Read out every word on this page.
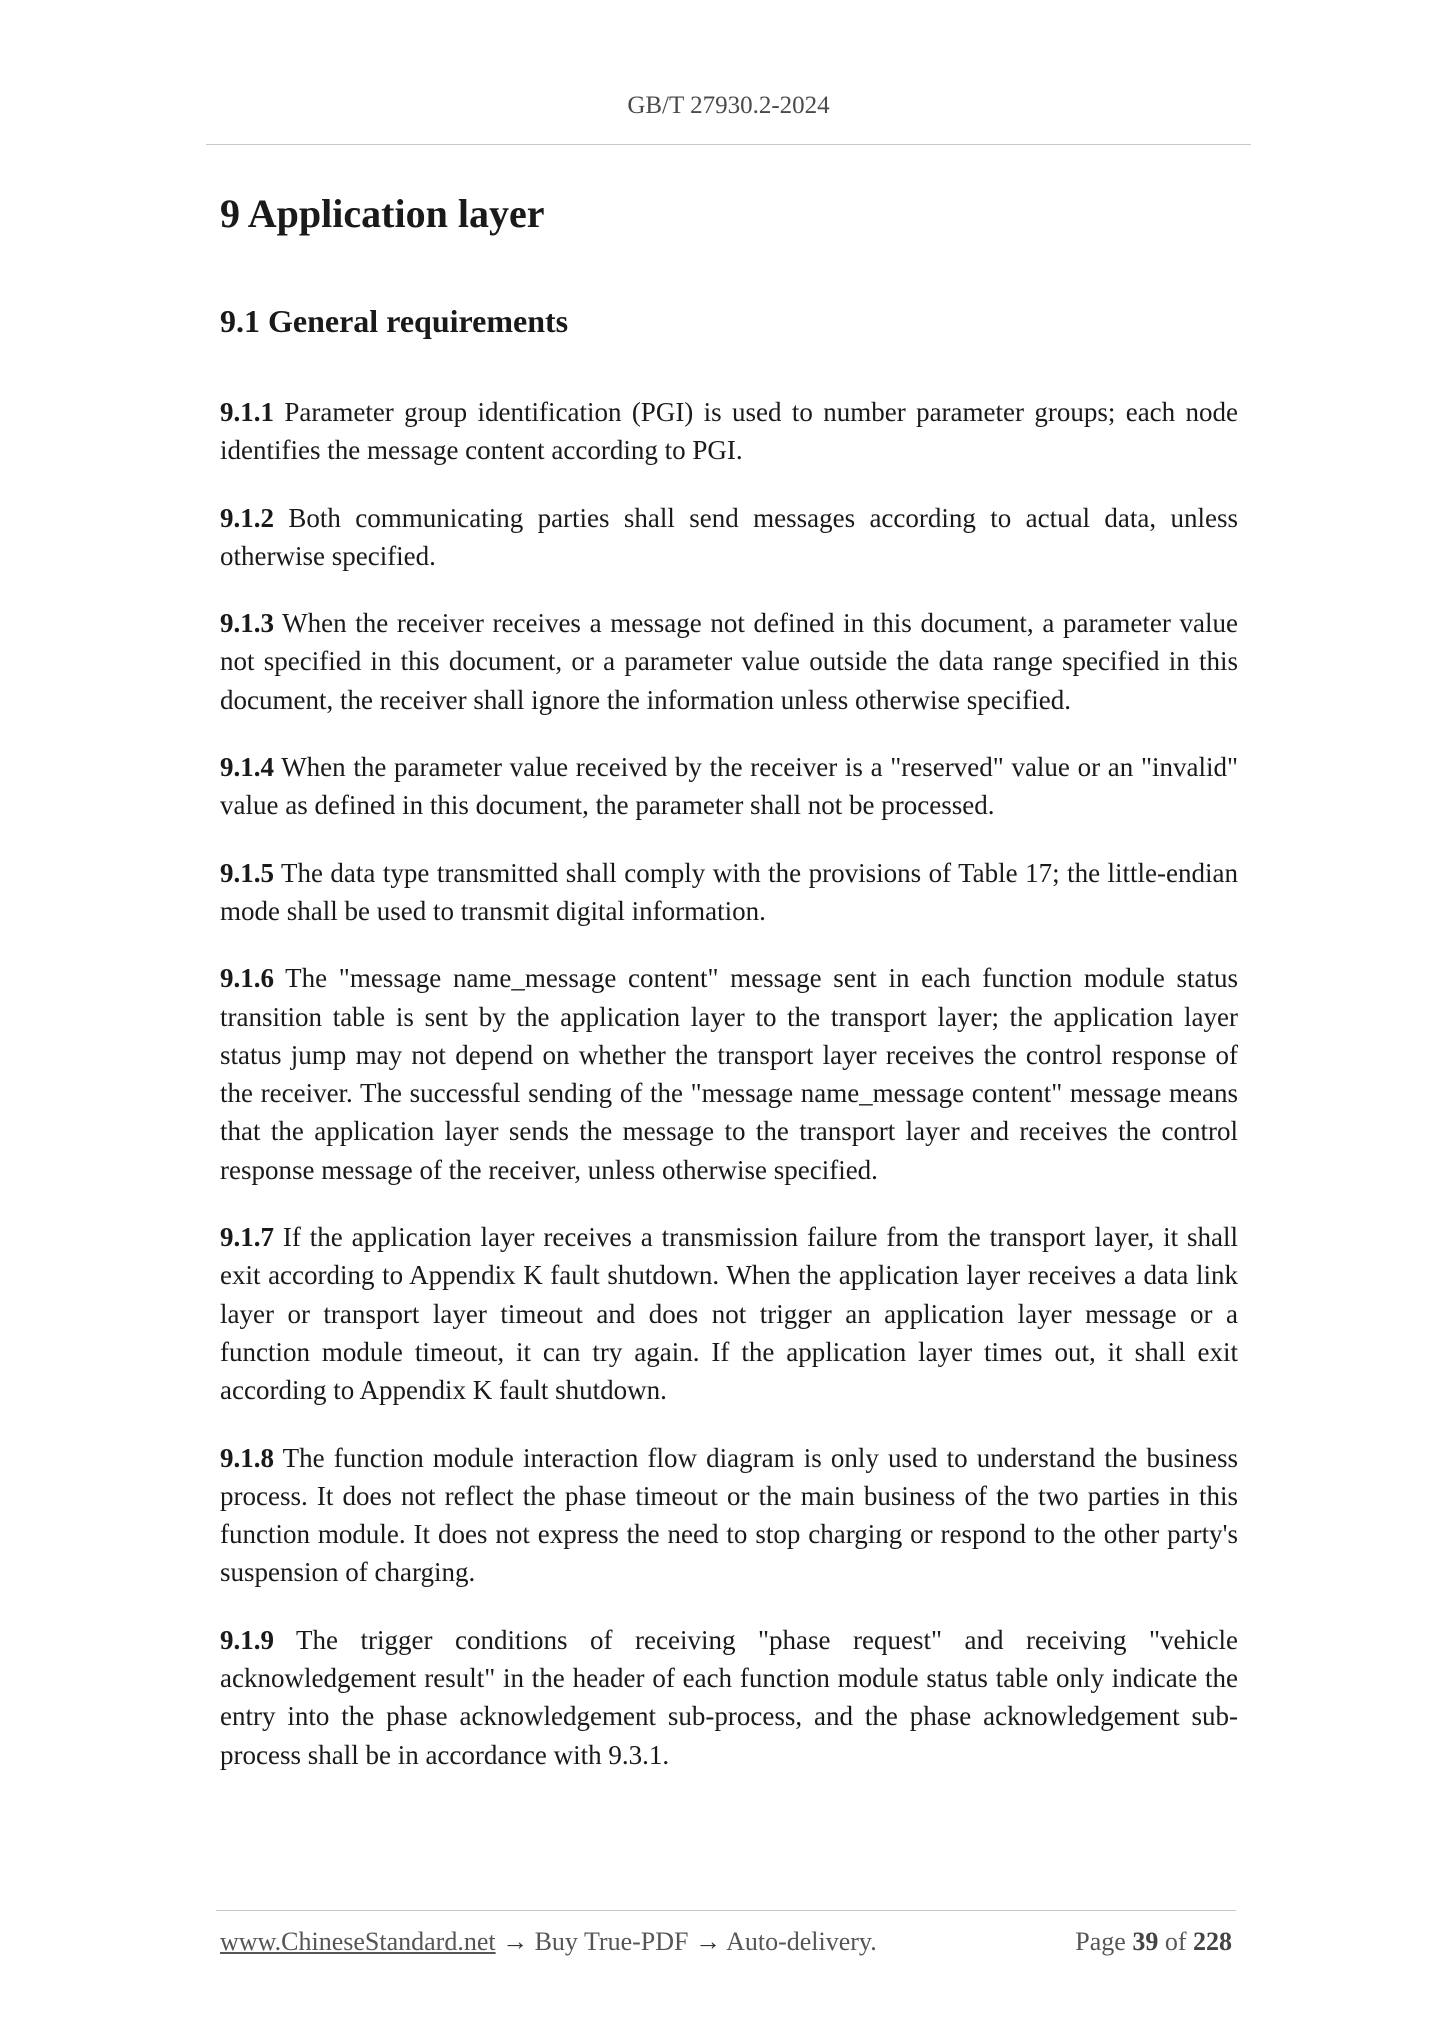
GB/T 27930.2-2024
9 Application layer
9.1 General requirements

9.1.1 Parameter group identification (PGI) is used to number parameter groups; each node identifies the message content according to PGI.

9.1.2 Both communicating parties shall send messages according to actual data, unless otherwise specified.

9.1.3 When the receiver receives a message not defined in this document, a parameter value not specified in this document, or a parameter value outside the data range specified in this document, the receiver shall ignore the information unless otherwise specified.

9.1.4 When the parameter value received by the receiver is a "reserved" value or an "invalid" value as defined in this document, the parameter shall not be processed.

9.1.5 The data type transmitted shall comply with the provisions of Table 17; the little-endian mode shall be used to transmit digital information.

9.1.6 The "message name_message content" message sent in each function module status transition table is sent by the application layer to the transport layer; the application layer status jump may not depend on whether the transport layer receives the control response of the receiver. The successful sending of the "message name_message content" message means that the application layer sends the message to the transport layer and receives the control response message of the receiver, unless otherwise specified.

9.1.7 If the application layer receives a transmission failure from the transport layer, it shall exit according to Appendix K fault shutdown. When the application layer receives a data link layer or transport layer timeout and does not trigger an application layer message or a function module timeout, it can try again. If the application layer times out, it shall exit according to Appendix K fault shutdown.

9.1.8 The function module interaction flow diagram is only used to understand the business process. It does not reflect the phase timeout or the main business of the two parties in this function module. It does not express the need to stop charging or respond to the other party's suspension of charging.

9.1.9 The trigger conditions of receiving "phase request" and receiving "vehicle acknowledgement result" in the header of each function module status table only indicate the entry into the phase acknowledgement sub-process, and the phase acknowledgement sub-process shall be in accordance with 9.3.1.

www.ChineseStandard.net → Buy True-PDF → Auto-delivery.	Page 39 of 228
